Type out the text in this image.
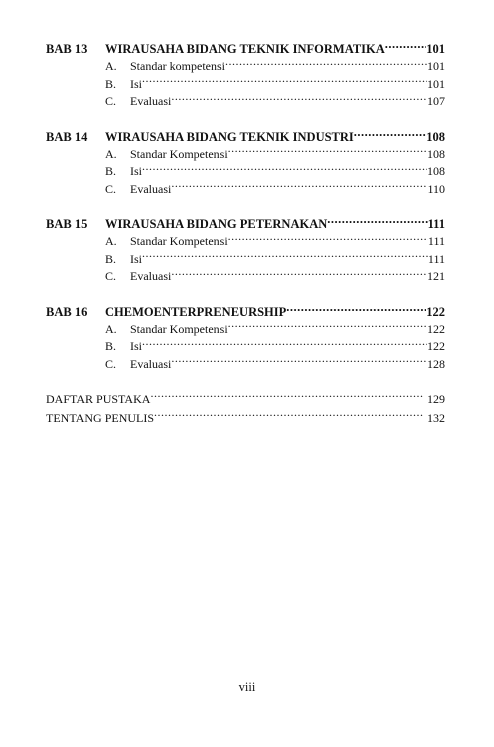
BAB 13	WIRAUSAHA BIDANG TEKNIK INFORMATIKA .....	101
A.	Standar kompetensi .....	101
B.	Isi .....	101
C.	Evaluasi .....	107
BAB 14	WIRAUSAHA BIDANG TEKNIK INDUSTRI .....	108
A.	Standar Kompetensi .....	108
B.	Isi .....	108
C.	Evaluasi .....	110
BAB 15	WIRAUSAHA BIDANG PETERNAKAN .....	111
A.	Standar Kompetensi .....	111
B.	Isi .....	111
C.	Evaluasi .....	121
BAB 16	CHEMOENTERPRENEURSHIP .....	122
A.	Standar Kompetensi .....	122
B.	Isi .....	122
C.	Evaluasi .....	128
DAFTAR PUSTAKA .....	129
TENTANG PENULIS .....	132
viii
